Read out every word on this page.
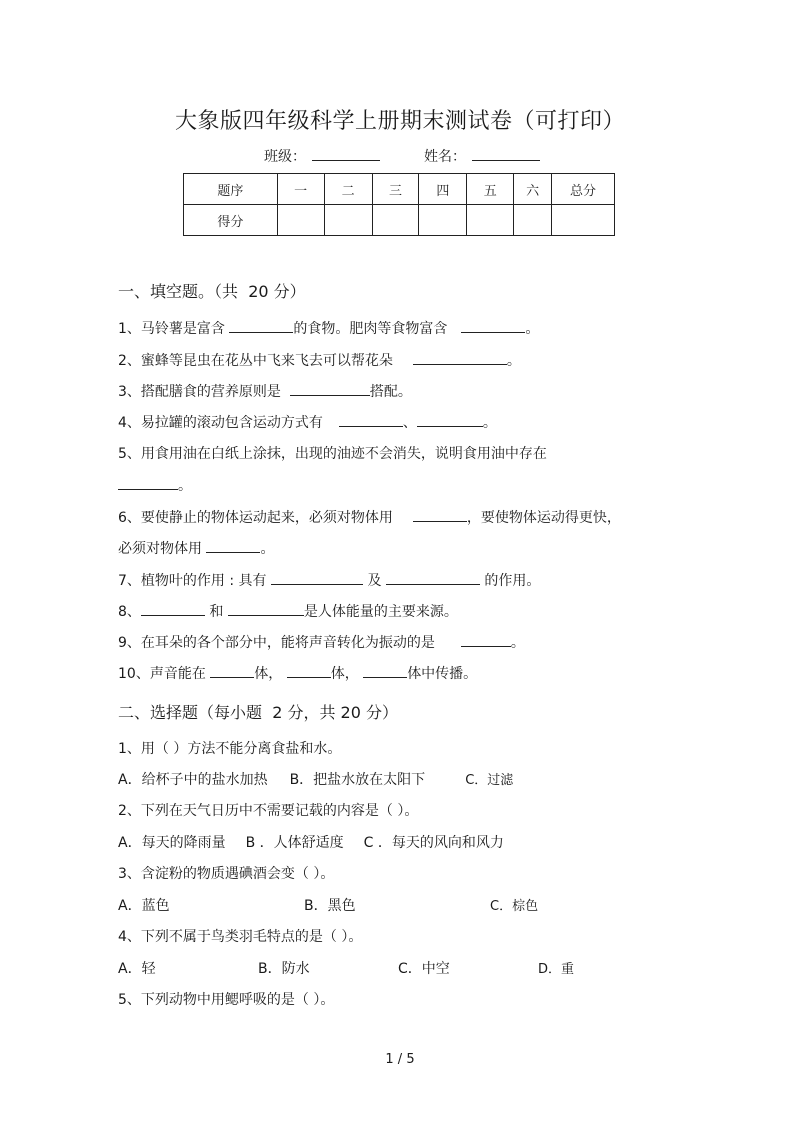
大象版四年级科学上册期末测试卷（可打印）
班级：	姓名：
题序	一	二	三	四	五	六	总分
得分							
一、填空题。（共 20 分）
1、马铃薯是富含	的食物。肥肉等食物富含	。
2、蜜蜂等昆虫在花丛中飞来飞去可以帮花朵	。
3、搭配膳食的营养原则是	搭配。
4、易拉罐的滚动包含运动方式有	、	。
5、用食用油在白纸上涂抹，出现的油迹不会消失，说明食用油中存在
。
6、要使静止的物体运动起来，必须对物体用	，要使物体运动得更快，
必须对物体用	。
7、植物叶的作用 : 具有	及	的作用。
8、	和	是人体能量的主要来源。
9、在耳朵的各个部分中，能将声音转化为振动的是	。
10、声音能在	体，	体，	体中传播。
二、选择题（每小题 2 分，共 20 分）
1、用（ ）方法不能分离食盐和水。
A．给杯子中的盐水加热 B．把盐水放在太阳下	C．过滤
2、下列在天气日历中不需要记载的内容是（ ）。
A．每天的降雨量 B ．人体舒适度 C ．每天的风向和风力
3、含淀粉的物质遇碘酒会变（ ）。
A．蓝色	B．黑色	C．棕色
4、下列不属于鸟类羽毛特点的是（ ）。
A．轻	B．防水	C．中空	D．重
5、下列动物中用鳃呼吸的是（ ）。
1 / 5
